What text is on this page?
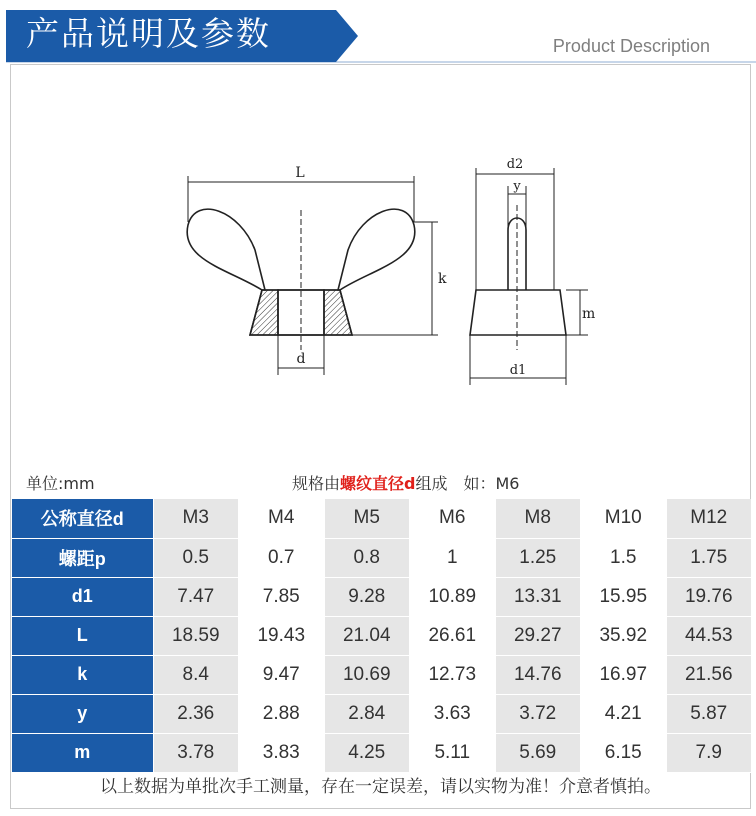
产品说明及参数	Product Description
L
k
d
d2
y
m
d1
单位:mm	规格由螺纹直径d组成　如：M6
公称直径d	M3	M4	M5	M6	M8	M10	M12
螺距p	0.5	0.7	0.8	1	1.25	1.5	1.75
d1	7.47	7.85	9.28	10.89	13.31	15.95	19.76
L	18.59	19.43	21.04	26.61	29.27	35.92	44.53
k	8.4	9.47	10.69	12.73	14.76	16.97	21.56
y	2.36	2.88	2.84	3.63	3.72	4.21	5.87
m	3.78	3.83	4.25	5.11	5.69	6.15	7.9
以上数据为单批次手工测量，存在一定误差，请以实物为准！介意者慎拍。
